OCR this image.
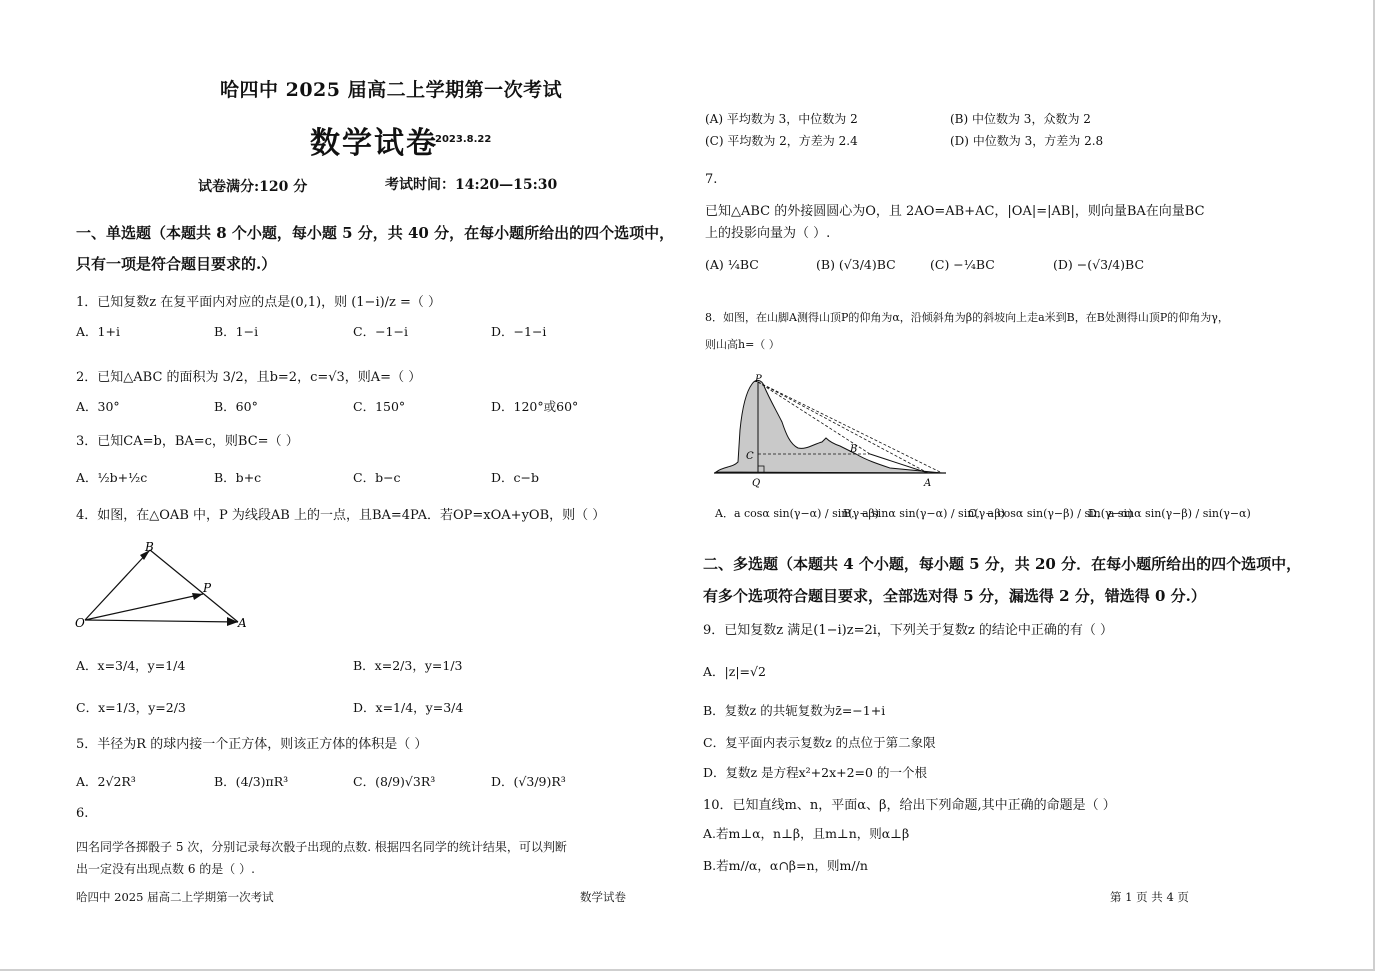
哈四中 2025 届高二上学期第一次考试
数学试卷
2023.8.22
试卷满分:120 分	考试时间：14:20—15:30
一、单选题（本题共 8 个小题，每小题 5 分，共 40 分，在每小题所给出的四个选项中，
只有一项是符合题目要求的.）
1．已知复数z 在复平面内对应的点是(0,1)，则 (1−i)/z =（ ）
A．1+i	B．1−i	C．−1−i	D．−1−i
2．已知△ABC 的面积为 3/2，且b=2，c=√3，则A=（ ）
A．30°	B．60°	C．150°	D．120°或60°
3．已知CA=b，BA=c，则BC=（ ）
A．½b+½c	B．b+c	C．b−c	D．c−b
4．如图，在△OAB 中，P 为线段AB 上的一点，且BA=4PA．若OP=xOA+yOB，则（ ）
O
B
P
A
A．x=3/4，y=1/4	B．x=2/3，y=1/3
C．x=1/3，y=2/3	D．x=1/4，y=3/4
5．半径为R 的球内接一个正方体，则该正方体的体积是（ ）
A．2√2R³	B．(4/3)πR³	C．(8/9)√3R³	D．(√3/9)R³
6.
四名同学各掷骰子 5 次，分别记录每次骰子出现的点数. 根据四名同学的统计结果，可以判断
出一定没有出现点数 6 的是（ ）.
(A) 平均数为 3，中位数为 2	(B) 中位数为 3，众数为 2
(C) 平均数为 2，方差为 2.4	(D) 中位数为 3，方差为 2.8
7.
已知△ABC 的外接圆圆心为O，且 2AO=AB+AC，|OA|=|AB|，则向量BA在向量BC
上的投影向量为（ ）.
(A) ¼BC	(B) (√3/4)BC	(C) −¼BC	(D) −(√3/4)BC
8．如图，在山脚A测得山顶P的仰角为α，沿倾斜角为β的斜坡向上走a米到B，在B处测得山顶P的仰角为γ，
则山高h=（ ）
P
C
Q	A
B
A．a cosα sin(γ−α) / sin(γ−β)
B．a sinα sin(γ−α) / sin(γ−β)
C．a cosα sin(γ−β) / sin(γ−α)
D．a sinα sin(γ−β) / sin(γ−α)
二、多选题（本题共 4 个小题，每小题 5 分，共 20 分．在每小题所给出的四个选项中，
有多个选项符合题目要求，全部选对得 5 分，漏选得 2 分，错选得 0 分.）
9．已知复数z 满足(1−i)z=2i，下列关于复数z 的结论中正确的有（ ）
A．|z|=√2
B．复数z 的共轭复数为z̄=−1+i
C．复平面内表示复数z 的点位于第二象限
D．复数z 是方程x²+2x+2=0 的一个根
10．已知直线m、n，平面α、β，给出下列命题,其中正确的命题是（ ）
A.若m⊥α，n⊥β，且m⊥n，则α⊥β
B.若m//α，α∩β=n，则m//n
哈四中 2025 届高二上学期第一次考试	数学试卷	第 1 页 共 4 页
